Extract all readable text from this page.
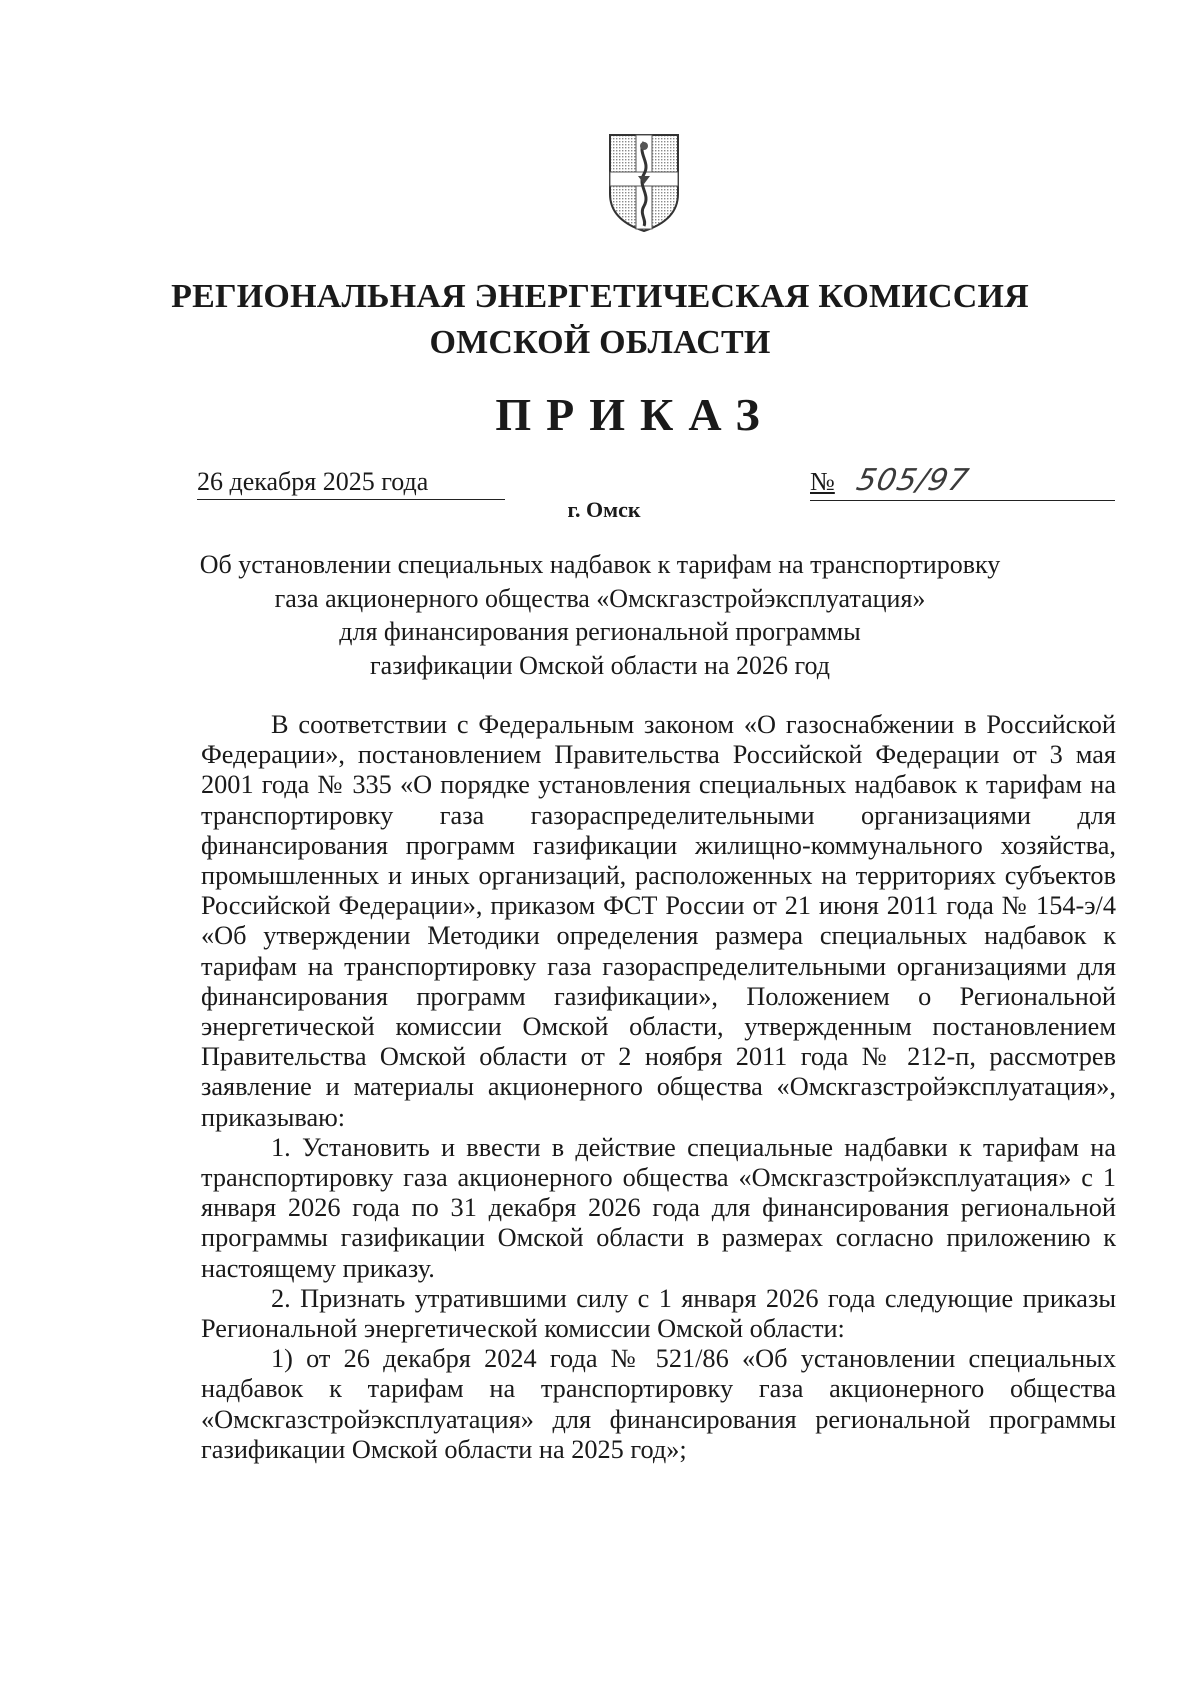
РЕГИОНАЛЬНАЯ ЭНЕРГЕТИЧЕСКАЯ КОМИССИЯ
ОМСКОЙ ОБЛАСТИ
ПРИКАЗ
26 декабря 2025 года	№ 505/97
г. Омск
Об установлении специальных надбавок к тарифам на транспортировку
газа акционерного общества «Омскгазстройэксплуатация»
для финансирования региональной программы
газификации Омской области на 2026 год

В соответствии с Федеральным законом «О газоснабжении в Российской Федерации», постановлением Правительства Российской Федерации от 3 мая 2001 года № 335 «О порядке установления специальных надбавок к тарифам на транспортировку газа газораспределительными организациями для финансирования программ газификации жилищно-коммунального хозяйства, промышленных и иных организаций, расположенных на территориях субъектов Российской Федерации», приказом ФСТ России от 21 июня 2011 года № 154-э/4 «Об утверждении Методики определения размера специальных надбавок к тарифам на транспортировку газа газораспределительными организациями для финансирования программ газификации», Положением о Региональной энергетической комиссии Омской области, утвержденным постановлением Правительства Омской области от 2 ноября 2011 года № 212-п, рассмотрев заявление и материалы акционерного общества «Омскгазстройэксплуатация», приказываю:

1. Установить и ввести в действие специальные надбавки к тарифам на транспортировку газа акционерного общества «Омскгазстройэксплуатация» с 1 января 2026 года по 31 декабря 2026 года для финансирования региональной программы газификации Омской области в размерах согласно приложению к настоящему приказу.

2. Признать утратившими силу с 1 января 2026 года следующие приказы Региональной энергетической комиссии Омской области:

1) от 26 декабря 2024 года № 521/86 «Об установлении специальных надбавок к тарифам на транспортировку газа акционерного общества «Омскгазстройэксплуатация» для финансирования региональной программы газификации Омской области на 2025 год»;
